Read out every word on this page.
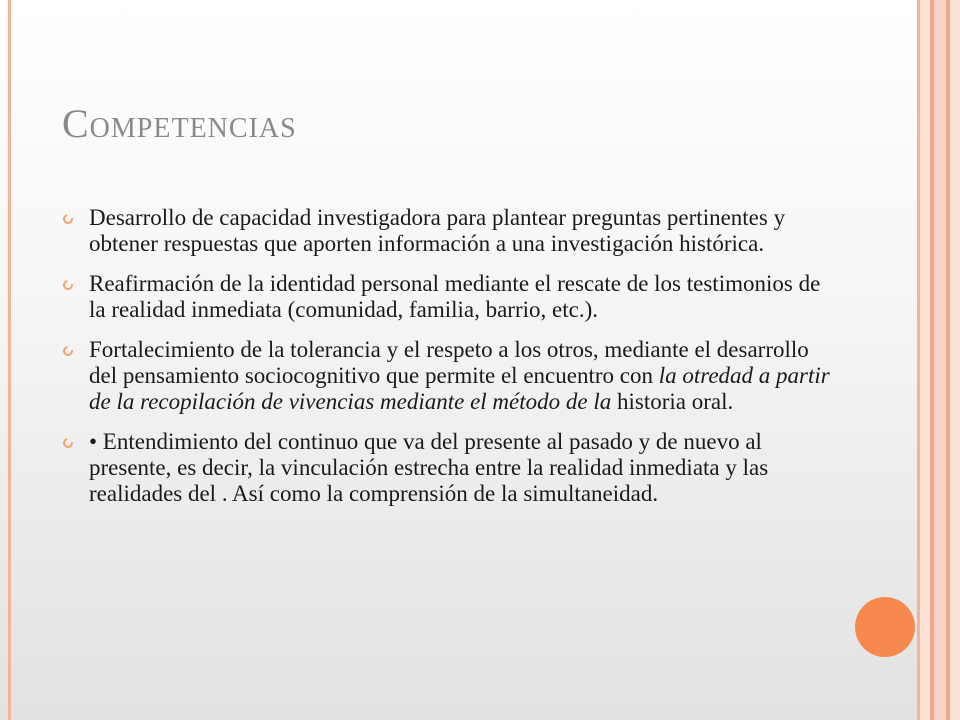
Competencias
Desarrollo de capacidad investigadora para plantear preguntas pertinentes y obtener respuestas que aporten información a una investigación histórica.
Reafirmación de la identidad personal mediante el rescate de los testimonios de la realidad inmediata (comunidad, familia, barrio, etc.).
Fortalecimiento de la tolerancia y el respeto a los otros, mediante el desarrollo del pensamiento sociocognitivo que permite el encuentro con la otredad a partir de la recopilación de vivencias mediante el método de la historia oral.
• Entendimiento del continuo que va del presente al pasado y de nuevo al presente, es decir, la vinculación estrecha entre la realidad inmediata y las realidades del . Así como la comprensión de la simultaneidad.
